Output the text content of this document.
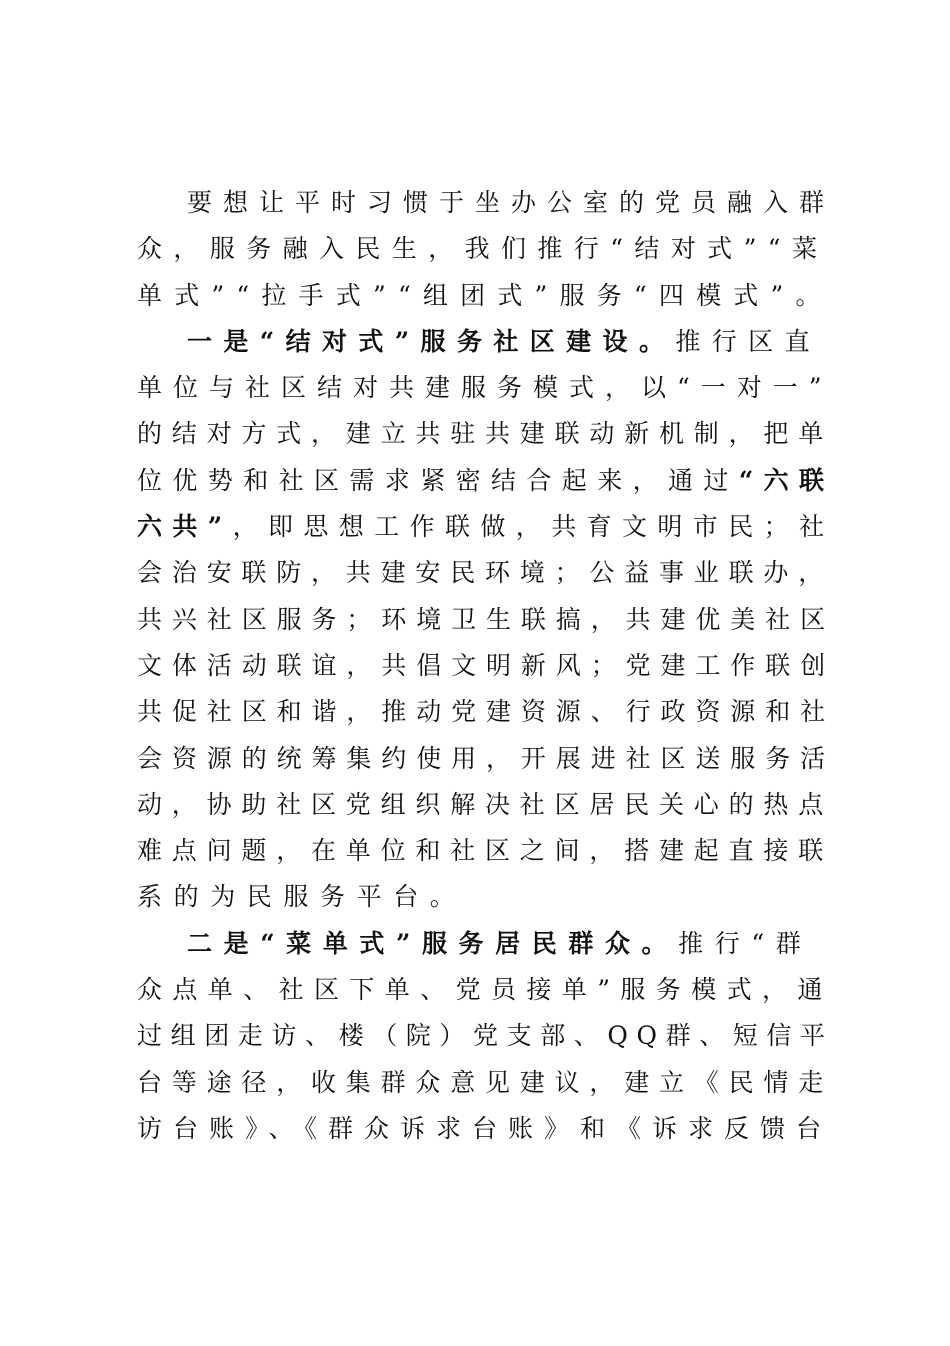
要想让平时习惯于坐办公室的党员融入群
众，服务融入民生，我们推行“结对式”“菜
单式”“拉手式”“组团式”服务“四模式”。
一是“结对式”服务社区建设。推行区直
单位与社区结对共建服务模式，以“一对一”
的结对方式，建立共驻共建联动新机制，把单
位优势和社区需求紧密结合起来，通过“六联
六共”，即思想工作联做，共育文明市民；社
会治安联防，共建安民环境；公益事业联办，
共兴社区服务；环境卫生联搞，共建优美社区
文体活动联谊，共倡文明新风；党建工作联创
共促社区和谐，推动党建资源、行政资源和社
会资源的统筹集约使用，开展进社区送服务活
动，协助社区党组织解决社区居民关心的热点
难点问题，在单位和社区之间，搭建起直接联
系的为民服务平台。
二是“菜单式”服务居民群众。推行“群
众点单、社区下单、党员接单”服务模式，通
过组团走访、楼（院）党支部、QQ群、短信平
台等途径，收集群众意见建议，建立《民情走
访台账》、《群众诉求台账》和《诉求反馈台
